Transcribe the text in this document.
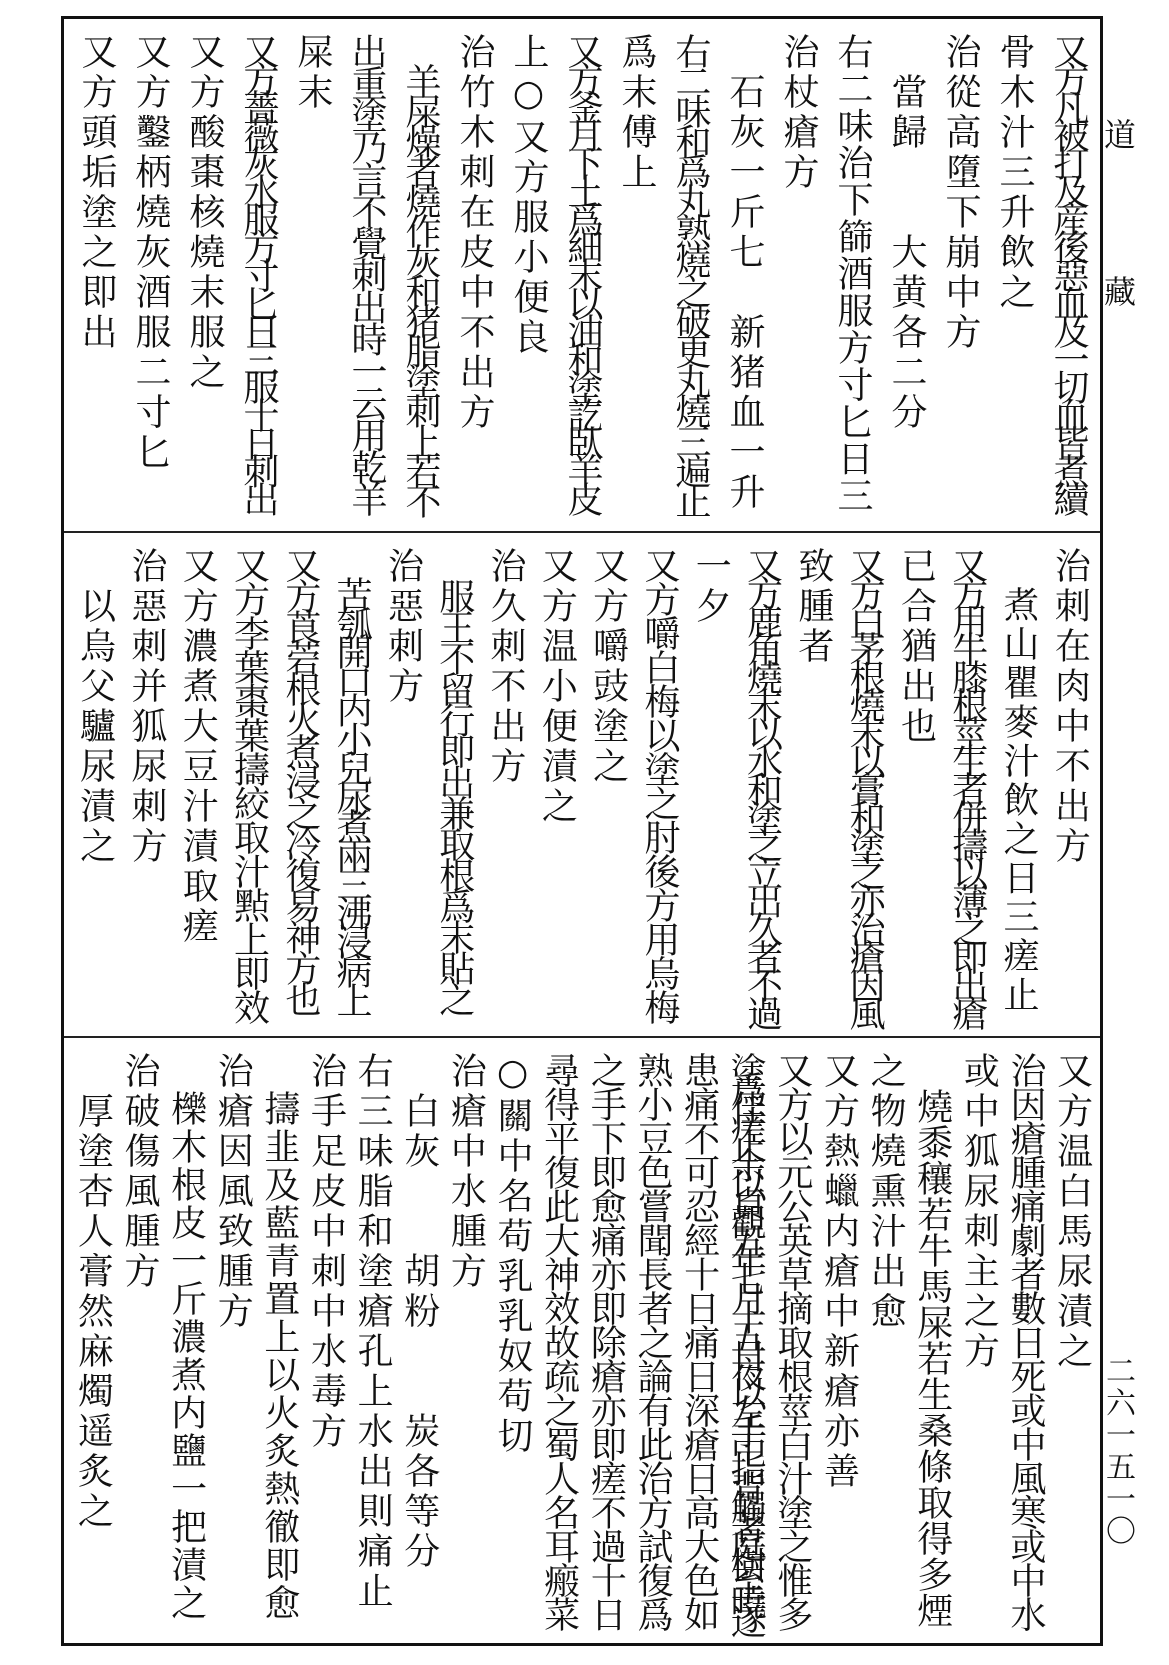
道
藏
二六一五一〇
又方凡被打及産後惡血及一切血皆煮續
骨木汁三升飲之
治從高墮下崩中方
　當歸　　大黄各二分
右二味治下篩酒服方寸匕日三
治杖瘡方
　石灰一斤七　新猪血一升
右二味和爲丸熟燒之破更丸燒三遍止
爲末傅上
又方釜月下土爲細末以油和塗訖臥羊皮
上○又方服小便良
治竹木刺在皮中不出方
　羊屎燥者燒作灰和猪脂塗刺上若不
出重塗乃言不覺刺出時一云用乾羊
屎末
又方薔薇灰水服方寸匕日三服十日刺出
又方酸棗核燒末服之
又方鑿柄燒灰酒服二寸匕
又方頭垢塗之即出
治刺在肉中不出方
　煮山瞿麥汁飲之日三瘥止
又方用牛膝根莖生者併擣以薄之即出瘡
已合猶出也
又方白茅根燒末以膏和塗之亦治瘡因風
致腫者
又方鹿角燒末以水和塗之立出久者不過
一夕
又方嚼白梅以塗之肘後方用烏梅
又方嚼豉塗之
又方温小便漬之
治久刺不出方
　服王不留行即出兼取根爲末貼之
治惡刺方
　苦瓠開口内小兒尿煮兩三沸浸病上
又方莨菪根火煮浸之冷復易神方也
又方李葉棗葉擣絞取汁㸃上即效
又方濃煮大豆汁漬取瘥
治惡刺并狐尿刺方
　以烏父驢尿漬之
又方温白馬尿漬之
治因瘡腫痛劇者數日死或中風寒或中水
或中狐尿刺主之方
　燒黍穰若牛馬屎若生桑條取得多煙
之物燒熏汁出愈
又方熱蠟内瘡中新瘡亦善
又方以元公英草摘取根莖白汁塗之惟多
塗爲佳瘥止余以貞觀五年七月十五日夜以左手中指背觸著庭樹至曉遂
患痛不可忍經十日痛日深瘡日高大色如
熟小豆色嘗聞長者之論有此治方試復爲
之手下即愈痛亦即除瘡亦即瘥不過十日
尋得平復此大神效故疏之蜀人名耳瘢菜
○關中名苟乳乳奴苟切
治瘡中水腫方
　白灰　　胡粉　　炭各等分
右三味脂和塗瘡孔上水出則痛止
治手足皮中刺中水毒方
　擣韭及藍青置上以火炙熱徹即愈
治瘡因風致腫方
　櫟木根皮一斤濃煮内鹽一把漬之
治破傷風腫方
　厚塗杏人膏然麻燭遥炙之
